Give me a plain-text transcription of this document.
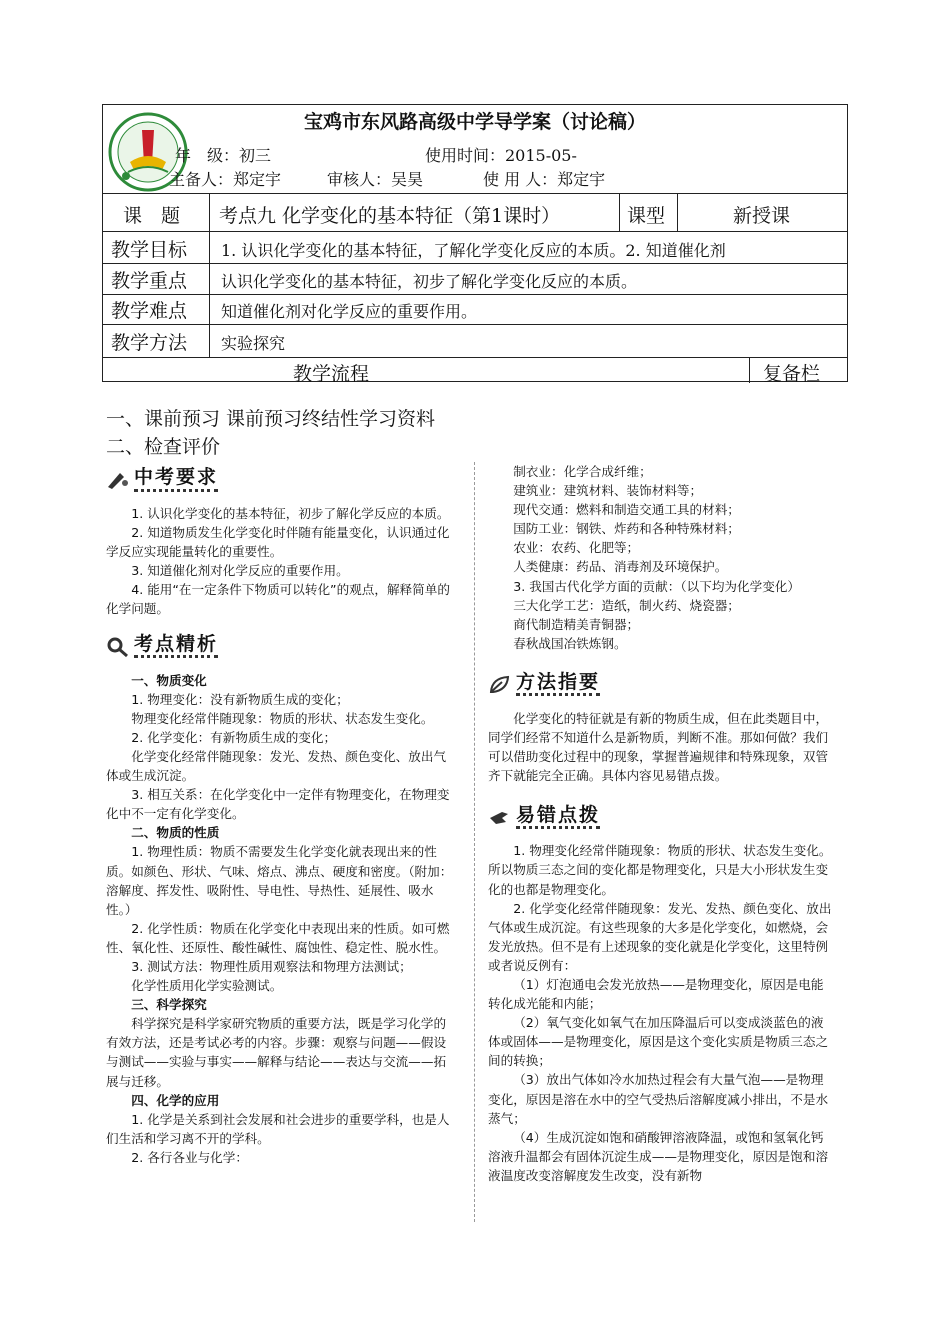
宝鸡市东风路高级中学导学案（讨论稿）
年　级：初三	使用时间：2015-05-
主备人：郑定宇	审核人：吴昊	使 用 人：郑定宇
课　题 考点九 化学变化的基本特征（第1课时）	课型	新授课
教学目标 1. 认识化学变化的基本特征，了解化学变化反应的本质。2. 知道催化剂
教学重点 认识化学变化的基本特征，初步了解化学变化反应的本质。
教学难点 知道催化剂对化学反应的重要作用。
教学方法 实验探究
教学流程	复备栏
一、课前预习 课前预习终结性学习资料
二、检查评价
中考要求

1. 认识化学变化的基本特征，初步了解化学反应的本质。

2. 知道物质发生化学变化时伴随有能量变化，认识通过化学反应实现能量转化的重要性。

3. 知道催化剂对化学反应的重要作用。

4. 能用“在一定条件下物质可以转化”的观点，解释简单的化学问题。

考点精析

一、物质变化

1. 物理变化：没有新物质生成的变化；

物理变化经常伴随现象：物质的形状、状态发生变化。

2. 化学变化：有新物质生成的变化；

化学变化经常伴随现象：发光、发热、颜色变化、放出气体或生成沉淀。

3. 相互关系：在化学变化中一定伴有物理变化，在物理变化中不一定有化学变化。

二、物质的性质

1. 物理性质：物质不需要发生化学变化就表现出来的性质。如颜色、形状、气味、熔点、沸点、硬度和密度。（附加：溶解度、挥发性、吸附性、导电性、导热性、延展性、吸水性。）

2. 化学性质：物质在化学变化中表现出来的性质。如可燃性、氧化性、还原性、酸性碱性、腐蚀性、稳定性、脱水性。

3. 测试方法：物理性质用观察法和物理方法测试；

化学性质用化学实验测试。

三、科学探究

科学探究是科学家研究物质的重要方法，既是学习化学的有效方法，还是考试必考的内容。步骤：观察与问题——假设与测试——实验与事实——解释与结论——表达与交流——拓展与迁移。

四、化学的应用

1. 化学是关系到社会发展和社会进步的重要学科，也是人们生活和学习离不开的学科。

2. 各行各业与化学：

制衣业：化学合成纤维；

建筑业：建筑材料、装饰材料等；

现代交通：燃料和制造交通工具的材料；

国防工业：钢铁、炸药和各种特殊材料；

农业：农药、化肥等；

人类健康：药品、消毒剂及环境保护。

3. 我国古代化学方面的贡献：（以下均为化学变化）

三大化学工艺：造纸，制火药、烧瓷器；

商代制造精美青铜器；

春秋战国冶铁炼钢。

方法指要

化学变化的特征就是有新的物质生成，但在此类题目中，同学们经常不知道什么是新物质，判断不准。那如何做？我们可以借助变化过程中的现象，掌握普遍规律和特殊现象，双管齐下就能完全正确。具体内容见易错点拨。

易错点拨

1. 物理变化经常伴随现象：物质的形状、状态发生变化。所以物质三态之间的变化都是物理变化，只是大小形状发生变化的也都是物理变化。

2. 化学变化经常伴随现象：发光、发热、颜色变化、放出气体或生成沉淀。有这些现象的大多是化学变化，如燃烧，会发光放热。但不是有上述现象的变化就是化学变化，这里特例或者说反例有：

（1）灯泡通电会发光放热——是物理变化，原因是电能转化成光能和内能；

（2）氧气变化如氧气在加压降温后可以变成淡蓝色的液体或固体——是物理变化，原因是这个变化实质是物质三态之间的转换；

（3）放出气体如冷水加热过程会有大量气泡——是物理变化，原因是溶在水中的空气受热后溶解度减小排出，不是水蒸气；

（4）生成沉淀如饱和硝酸钾溶液降温，或饱和氢氧化钙溶液升温都会有固体沉淀生成——是物理变化，原因是饱和溶液温度改变溶解度发生改变，没有新物
